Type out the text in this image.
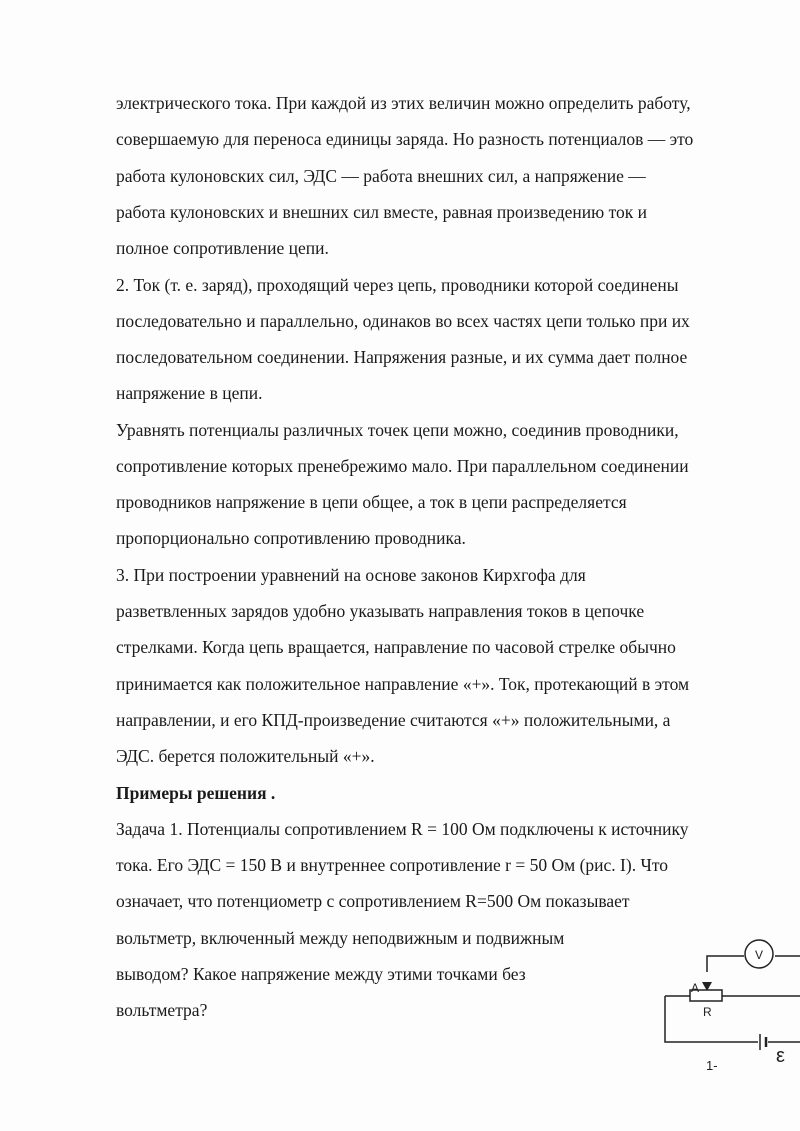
электрического тока. При каждой из этих величин можно определить работу,
совершаемую для переноса единицы заряда. Но разность потенциалов — это
работа кулоновских сил, ЭДС — работа внешних сил, а напряжение —
работа кулоновских и внешних сил вместе, равная произведению ток и
полное сопротивление цепи.
2. Ток (т. е. заряд), проходящий через цепь, проводники которой соединены
последовательно и параллельно, одинаков во всех частях цепи только при их
последовательном соединении. Напряжения разные, и их сумма дает полное
напряжение в цепи.
Уравнять потенциалы различных точек цепи можно, соединив проводники,
сопротивление которых пренебрежимо мало. При параллельном соединении
проводников напряжение в цепи общее, а ток в цепи распределяется
пропорционально сопротивлению проводника.
3. При построении уравнений на основе законов Кирхгофа для
разветвленных зарядов удобно указывать направления токов в цепочке
стрелками. Когда цепь вращается, направление по часовой стрелке обычно
принимается как положительное направление «+». Ток, протекающий в этом
направлении, и его КПД-произведение считаются «+» положительными, а
ЭДС. берется положительный «+».
Примеры решения .
Задача 1. Потенциалы сопротивлением R = 100 Ом подключены к источнику
тока. Его ЭДС = 150 В и внутреннее сопротивление r = 50 Ом (рис. I). Что
означает, что потенциометр с сопротивлением R=500 Ом показывает
вольтметр, включенный между неподвижным и подвижным
выводом? Какое напряжение между этими точками без
вольтметра?
V
A
R
ε
1-
